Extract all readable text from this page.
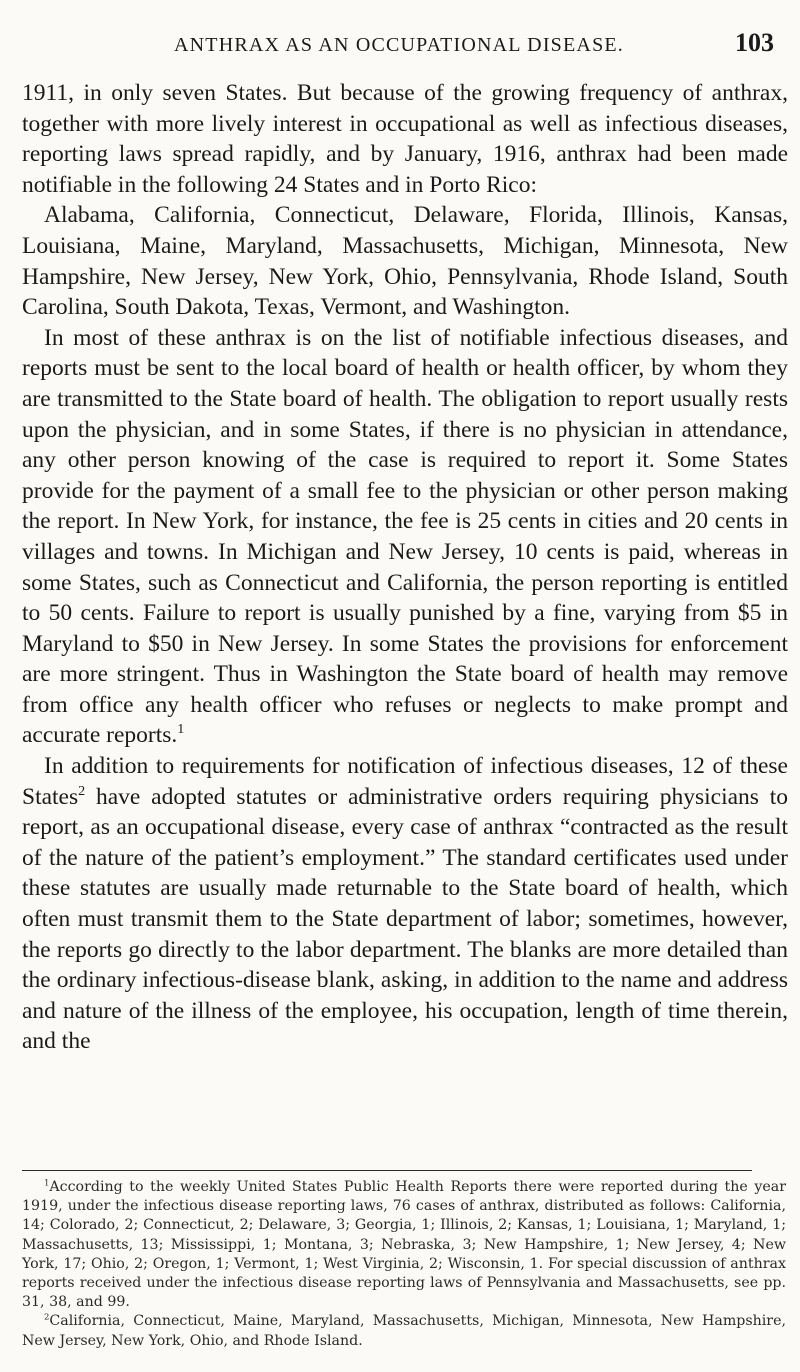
ANTHRAX AS AN OCCUPATIONAL DISEASE.	103

1911, in only seven States. But because of the growing frequency of anthrax, together with more lively interest in occupational as well as infectious diseases, reporting laws spread rapidly, and by January, 1916, anthrax had been made notifiable in the following 24 States and in Porto Rico:

Alabama, California, Connecticut, Delaware, Florida, Illinois, Kansas, Louisiana, Maine, Maryland, Massachusetts, Michigan, Minnesota, New Hampshire, New Jersey, New York, Ohio, Pennsylvania, Rhode Island, South Carolina, South Dakota, Texas, Vermont, and Washington.

In most of these anthrax is on the list of notifiable infectious diseases, and reports must be sent to the local board of health or health officer, by whom they are transmitted to the State board of health. The obligation to report usually rests upon the physician, and in some States, if there is no physician in attendance, any other person knowing of the case is required to report it. Some States provide for the payment of a small fee to the physician or other person making the report. In New York, for instance, the fee is 25 cents in cities and 20 cents in villages and towns. In Michigan and New Jersey, 10 cents is paid, whereas in some States, such as Connecticut and California, the person reporting is entitled to 50 cents. Failure to report is usually punished by a fine, varying from $5 in Maryland to $50 in New Jersey. In some States the provisions for enforcement are more stringent. Thus in Washington the State board of health may remove from office any health officer who refuses or neglects to make prompt and accurate reports.$^1$

In addition to requirements for notification of infectious diseases, 12 of these States$^2$ have adopted statutes or administrative orders requiring physicians to report, as an occupational disease, every case of anthrax “contracted as the result of the nature of the patient’s employment.” The standard certificates used under these statutes are usually made returnable to the State board of health, which often must transmit them to the State department of labor; sometimes, however, the reports go directly to the labor department. The blanks are more detailed than the ordinary infectious-disease blank, asking, in addition to the name and address and nature of the illness of the employee, his occupation, length of time therein, and the

$^1$According to the weekly United States Public Health Reports there were reported during the year 1919, under the infectious disease reporting laws, 76 cases of anthrax, distributed as follows: California, 14; Colorado, 2; Connecticut, 2; Delaware, 3; Georgia, 1; Illinois, 2; Kansas, 1; Louisiana, 1; Maryland, 1; Massachusetts, 13; Mississippi, 1; Montana, 3; Nebraska, 3; New Hampshire, 1; New Jersey, 4; New York, 17; Ohio, 2; Oregon, 1; Vermont, 1; West Virginia, 2; Wisconsin, 1. For special discussion of anthrax reports received under the infectious disease reporting laws of Pennsylvania and Massachusetts, see pp. 31, 38, and 99.

$^2$California, Connecticut, Maine, Maryland, Massachusetts, Michigan, Minnesota, New Hampshire, New Jersey, New York, Ohio, and Rhode Island.
